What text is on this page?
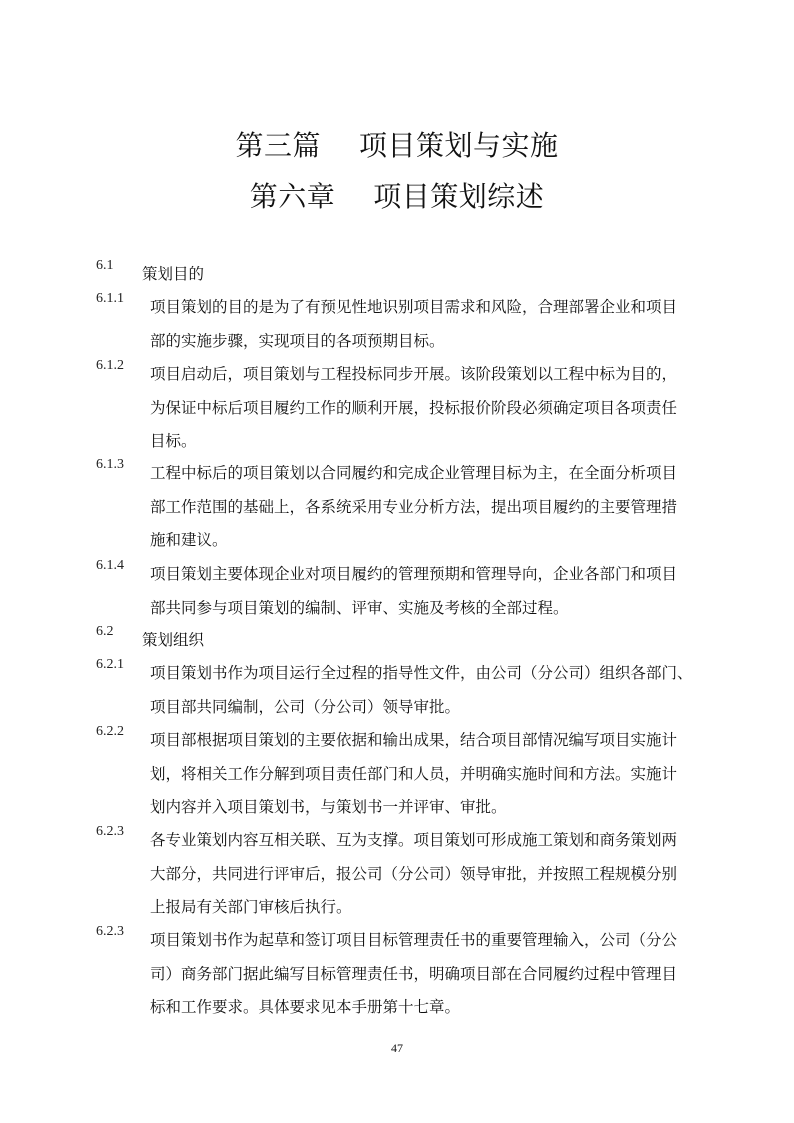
第三篇 项目策划与实施
第六章 项目策划综述
6.1 策划目的
6.1.1 项目策划的目的是为了有预见性地识别项目需求和风险，合理部署企业和项目
部的实施步骤，实现项目的各项预期目标。
6.1.2 项目启动后，项目策划与工程投标同步开展。该阶段策划以工程中标为目的，
为保证中标后项目履约工作的顺利开展，投标报价阶段必须确定项目各项责任
目标。
6.1.3 工程中标后的项目策划以合同履约和完成企业管理目标为主，在全面分析项目
部工作范围的基础上，各系统采用专业分析方法，提出项目履约的主要管理措
施和建议。
6.1.4 项目策划主要体现企业对项目履约的管理预期和管理导向，企业各部门和项目
部共同参与项目策划的编制、评审、实施及考核的全部过程。
6.2 策划组织
6.2.1 项目策划书作为项目运行全过程的指导性文件，由公司（分公司）组织各部门、
项目部共同编制，公司（分公司）领导审批。
6.2.2 项目部根据项目策划的主要依据和输出成果，结合项目部情况编写项目实施计
划，将相关工作分解到项目责任部门和人员，并明确实施时间和方法。实施计
划内容并入项目策划书，与策划书一并评审、审批。
6.2.3 各专业策划内容互相关联、互为支撑。项目策划可形成施工策划和商务策划两
大部分，共同进行评审后，报公司（分公司）领导审批，并按照工程规模分别
上报局有关部门审核后执行。
6.2.3 项目策划书作为起草和签订项目目标管理责任书的重要管理输入，公司（分公
司）商务部门据此编写目标管理责任书，明确项目部在合同履约过程中管理目
标和工作要求。具体要求见本手册第十七章。
47
